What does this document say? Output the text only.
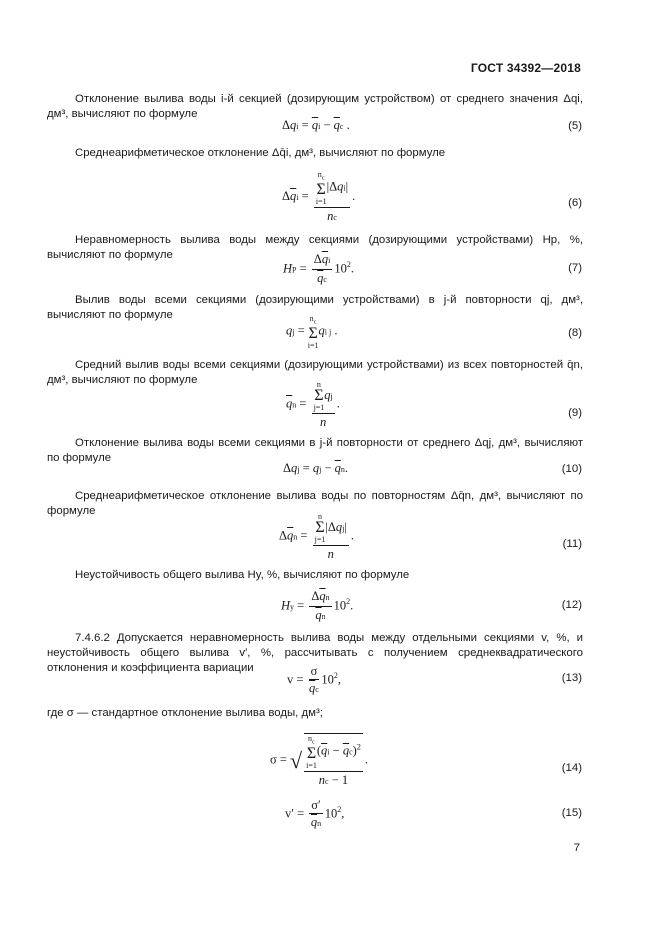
ГОСТ 34392—2018
Отклонение вылива воды i-й секцией (дозирующим устройством) от среднего значения Δqi, дм³, вычисляют по формуле
$\Delta qi = \overline{q}i - \overline{q}c$ .	(5)
Среднеарифметическое отклонение Δq̄i, дм³, вычисляют по формуле
$\Delta\overline{q}i = n_c$
Σ
i=1
|Δqi|
nc .	(6)
Неравномерность вылива воды между секциями (дозирующими устройствами) Hp, %, вычисляют по формуле
HP = $\frac{\Delta\overline{q}i}{\overline{q}c} 10^2$.	(7)
Вылив воды всеми секциями (дозирующими устройствами) в j-й повторности qj, дм³, вычисляют по формуле
qj =
$n_c$
Σ
i=1
qi j .	(8)
Средний вылив воды всеми секциями (дозирующими устройствами) из всех повторностей q̄n, дм³, вычисляют по формуле
$\overline{q}n = n$
Σ
j=1
qj
n .
(9)
Отклонение вылива воды всеми секциями в j-й повторности от среднего Δqj, дм³, вычисляют по формуле
Δqj = qj − $\overline{q}n$.	(10)
Среднеарифметическое отклонение вылива воды по повторностям Δq̄n, дм³, вычисляют по формуле
$\Delta\overline{q}n = n$
Σ
j=1
|Δqj|
n .
(11)
Неустойчивость общего вылива Hy, %, вычисляют по формуле
$Hy = \frac{\Delta\overline{q}n}{\overline{q}n} 10^2$.	(12)
7.4.6.2 Допускается неравномерность вылива воды между отдельными секциями v, %, и неустойчивость общего вылива v′, %, рассчитывать с получением среднеквадратического отклонения и коэффициента вариации
$v = \frac{\sigma}{\overline{q}c} 10^2$,	(13)
где σ — стандартное отклонение вылива воды, дм³;
σ = √ $n_c$
Σ
i=1
$(\overline{q}i - \overline{q}c)^2$
nc − 1 .
(14)
$v' = \frac{\sigma'}{\overline{q}n} 10^2$,	(15)
7
